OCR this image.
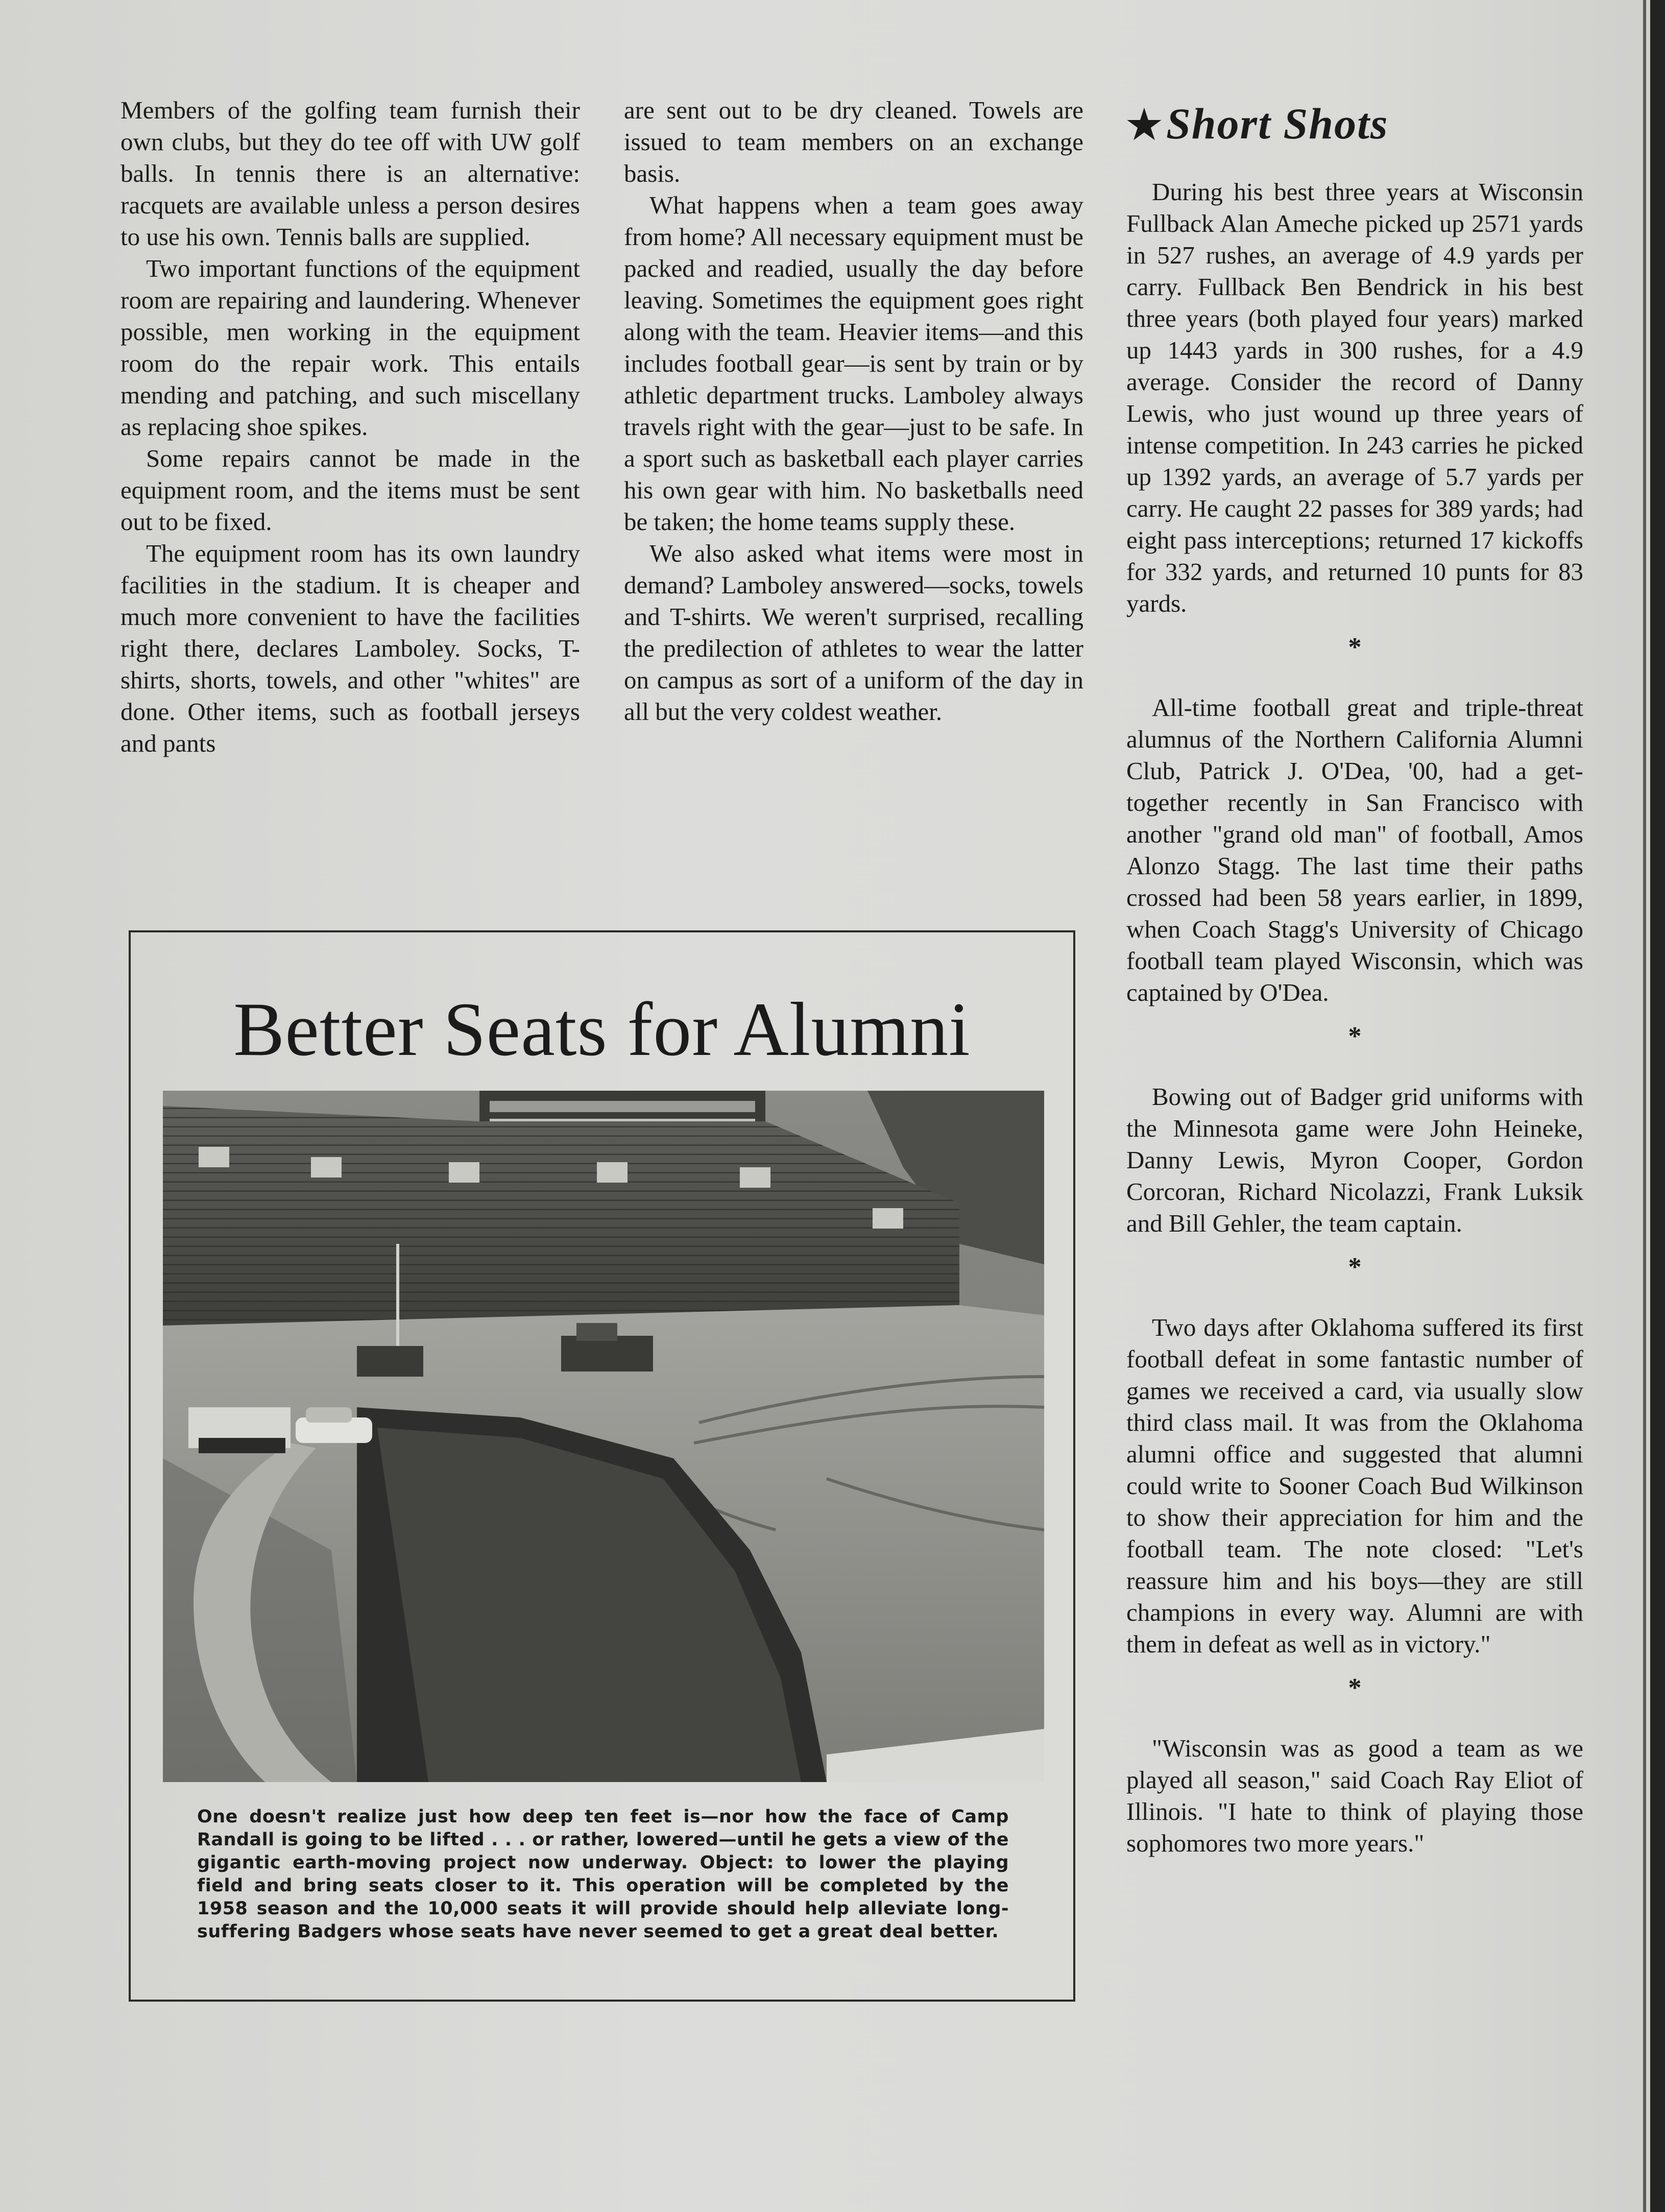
Members of the golfing team furnish their own clubs, but they do tee off with UW golf balls. In tennis there is an alternative: racquets are available unless a person desires to use his own. Tennis balls are supplied.

Two important functions of the equipment room are repairing and laundering. Whenever possible, men working in the equipment room do the repair work. This entails mending and patching, and such miscellany as replacing shoe spikes.

Some repairs cannot be made in the equipment room, and the items must be sent out to be fixed.

The equipment room has its own laundry facilities in the stadium. It is cheaper and much more convenient to have the facilities right there, declares Lamboley. Socks, T-shirts, shorts, towels, and other "whites" are done. Other items, such as football jerseys and pants

are sent out to be dry cleaned. Towels are issued to team members on an exchange basis.

What happens when a team goes away from home? All necessary equipment must be packed and readied, usually the day before leaving. Sometimes the equipment goes right along with the team. Heavier items—and this includes football gear—is sent by train or by athletic department trucks. Lamboley always travels right with the gear—just to be safe. In a sport such as basketball each player carries his own gear with him. No basketballs need be taken; the home teams supply these.

We also asked what items were most in demand? Lamboley answered—socks, towels and T-shirts. We weren't surprised, recalling the predilection of athletes to wear the latter on campus as sort of a uniform of the day in all but the very coldest weather.

★Short Shots

During his best three years at Wisconsin Fullback Alan Ameche picked up 2571 yards in 527 rushes, an average of 4.9 yards per carry. Fullback Ben Bendrick in his best three years (both played four years) marked up 1443 yards in 300 rushes, for a 4.9 average. Consider the record of Danny Lewis, who just wound up three years of intense competition. In 243 carries he picked up 1392 yards, an average of 5.7 yards per carry. He caught 22 passes for 389 yards; had eight pass interceptions; returned 17 kickoffs for 332 yards, and returned 10 punts for 83 yards.

*

All-time football great and triple-threat alumnus of the Northern California Alumni Club, Patrick J. O'Dea, '00, had a get-together recently in San Francisco with another "grand old man" of football, Amos Alonzo Stagg. The last time their paths crossed had been 58 years earlier, in 1899, when Coach Stagg's University of Chicago football team played Wisconsin, which was captained by O'Dea.

*

Bowing out of Badger grid uniforms with the Minnesota game were John Heineke, Danny Lewis, Myron Cooper, Gordon Corcoran, Richard Nicolazzi, Frank Luksik and Bill Gehler, the team captain.

*

Two days after Oklahoma suffered its first football defeat in some fantastic number of games we received a card, via usually slow third class mail. It was from the Oklahoma alumni office and suggested that alumni could write to Sooner Coach Bud Wilkinson to show their appreciation for him and the football team. The note closed: "Let's reassure him and his boys—they are still champions in every way. Alumni are with them in defeat as well as in victory."

*

"Wisconsin was as good a team as we played all season," said Coach Ray Eliot of Illinois. "I hate to think of playing those sophomores two more years."

Better Seats for Alumni
One doesn't realize just how deep ten feet is—nor how the face of Camp Randall is going to be lifted . . . or rather, lowered—until he gets a view of the gigantic earth-moving project now underway. Object: to lower the playing field and bring seats closer to it. This operation will be completed by the 1958 season and the 10,000 seats it will provide should help alleviate long-suffering Badgers whose seats have never seemed to get a great deal better.
